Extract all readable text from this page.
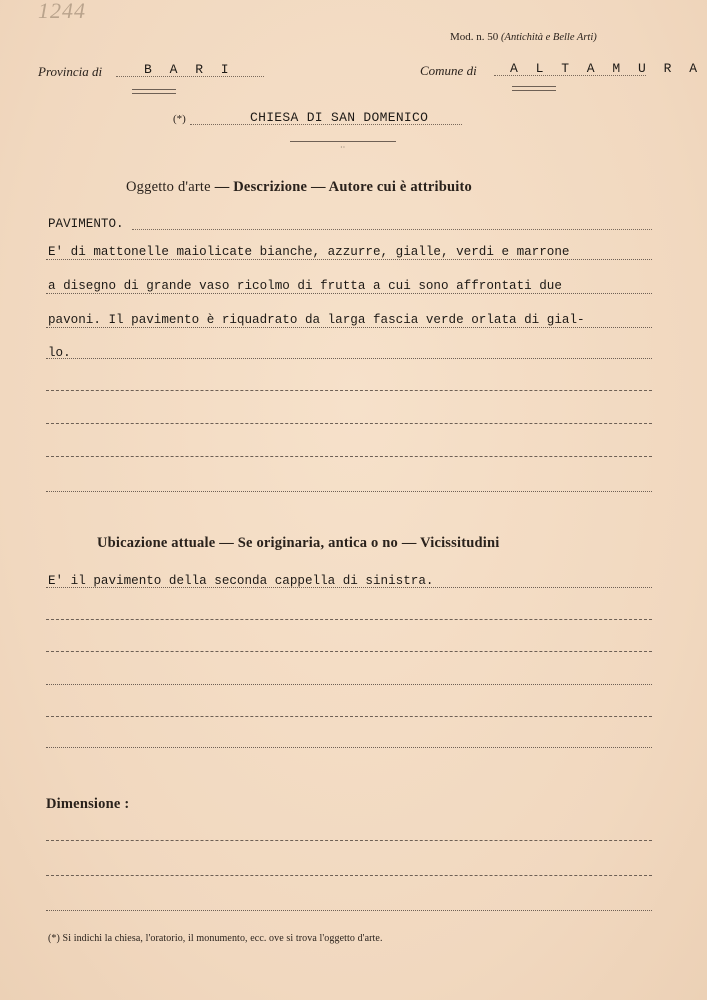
1244
Mod. n. 50 (Antichità e Belle Arti)
Provincia di	B A R I	Comune di	A L T A M U R A
(*)	CHIESA DI SAN DOMENICO
··
Oggetto d'arte — Descrizione — Autore cui è attribuito
PAVIMENTO.
E' di mattonelle maiolicate bianche, azzurre, gialle, verdi e marrone
a disegno di grande vaso ricolmo di frutta a cui sono affrontati due
pavoni. Il pavimento è riquadrato da larga fascia verde orlata di gial-
lo.
Ubicazione attuale — Se originaria, antica o no — Vicissitudini
E' il pavimento della seconda cappella di sinistra.
Dimensione :
(*) Si indichi la chiesa, l'oratorio, il monumento, ecc. ove si trova l'oggetto d'arte.
